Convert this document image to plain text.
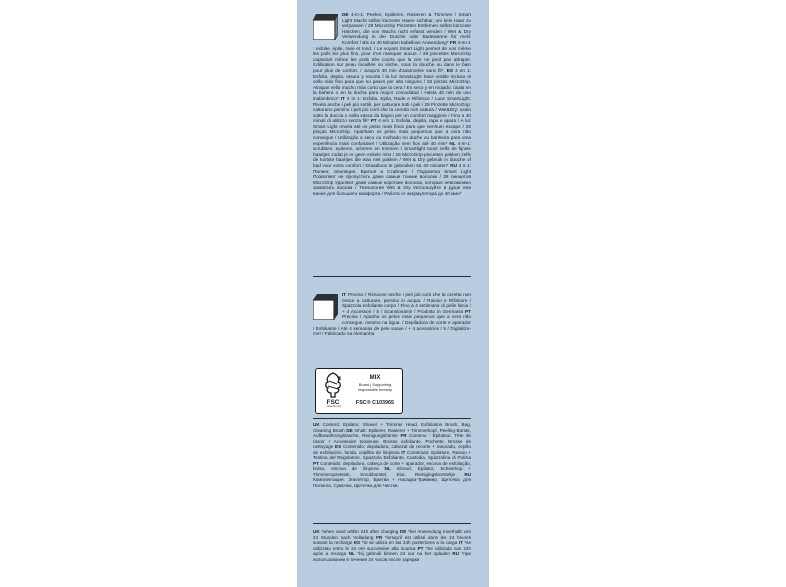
DE 4-in-1: Peelen, Epilieren, Rasieren & Trimmen / Smart Light Macht selbst kürzeste Haare sichtbar, um kein Haar zu verpassen / 28 MicroGrip Pinzetten Entfernen selbst kürzeste Härchen, die von Wachs nicht erfasst werden / Wet & Dry Verwendung in der Dusche oder Badewanne für mehr Komfort / Bis zu 40 Minuten kabellose Anwendung* FR 4-en-1 : exfolie, épile, rase et tond. / Le voyant Smart Light permet de voir même les poils les plus fins, pour n'en manquer aucun. / 28 pincettes MicroGrip capturant même les poils très courts que la cire ne peut pas attraper. /Utilisation sur peau mouillée ou sèche, sous la douche ou dans le bain pour plus de confort. / Jusqu'à 40 min d'autonomie sans fil*. ES 4 en 1: Exfolia, depila, rasura y recorta / la luz SmartLight hace visible incluso el vello más fino para que no pases por alto ninguno / 28 pinzas MicroGrip. Atrapan vello mucho más corto que la cera / En seco y en mojado, úsala en la bañera o en la ducha para mayor comodidad / Hasta 40 min de uso inalámbrico* IT 4 in 1: Esfolia, Epila, Rade e Rifinisce / Luce SmartLight: Rivela anche i peli più sottili, per catturare tutti i peli / 28 Pinzette MicroGrip: catturano persino i peli più corti che la ceretta non cattura / Wet&Dry: usalo sotto la doccia o nella vasca da bagno per un comfort maggiore / Fino a 40 minuti di utilizzo senza fili* PT 4 em 1: Esfolia, depila, rapa e apara / A luz Smart Light revela até os pelos mais finos para que nenhum escape / 28 pinças MicroGrip. Apanham os pelos mais pequenos que a cera não consegue / Utilização a seco ou molhado no duche ou banheira para uma experiência mais confortável / Utilização sem fios até 40 min* NL 4-in-1: scrubben, epileren, scheren en trimmen / Smartlight toont zelfs de fijnste haartjes zodat je er geen enkele mist / 28 MicroGrip-pincetten pakken zelfs de kortste haartjes die wax niet pakken / Wet & Dry gebruik in douche of bad voor extra comfort / Draadloos te gebruiken tot 40 minuten* RU 4 в 1: Пилинг, Эпиляция, Бритьё и Стайлинг / Подсветка Smart Light Позволяет не пропустить даже самые тонкие волоски / 28 пинцетов MicroGrip Удаляют даже самые короткие волоски, которые невозможно захватить воском / Технология Wet & Dry Используйте в душе или ванне для большего комфорта / Работа от аккумулятора до 40 мин*
IT Preciso / Rimuove anche i peli più corti che la ceretta non riesce a catturare, persino in acqua. / Rasoio e Rifinitore / Spazzola esfoliante corpo / Fino a 4 settimane di pelle liscia / + 4 Accessori / 5 / Scansionami! / Prodotto in Germania PT Precisa / Apanha os pelos mais pequenos que a cera não consegue, mesmo na água. / Depiladora de corte e aparador / Esfoliante / Até 4 semanas de pele suave / + 4 acessórios / 5 / Digitalize-me! / Fabricado na Alemanha
FSC
www.fsc.org
MIX
Board | Supporting responsible forestry
FSC® C103965
UK Content: Epilator, Shaver + Trimmer Head, Exfoliation Brush, Bag, Cleaning Brush DE Inhalt: Epilierer, Rasierer + Trimmerkopf, Peeling-Bürste, Aufbewahrungstasche, Reinigungsbürste FR Contenu : Épilateur, Tête de rasoir + Accessoire tondeuse, Brosse exfoliante, Pochette, Brosse de nettoyage ES Contenido: depiladora, cabezal de recorte + rasurado, cepillo de exfoliación, funda, cepillito de limpieza IT Contenuto: Epilatore, Rasoio + Testina del Regolatore, Spazzola Esfoliante, Custodia, Spazzolina di Pulizia PT Conteúdo: depiladora, cabeça de corte + aparador, escova de esfoliação, bolsa, escova de limpeza NL Inhoud: Epilator, Scheerkop + Trimmeropzetstuk, Scrubborstel, Etui, Reinigingsborsteltje RU Комплектация: Эпилятор, Бритва + Насадка-Триммер, Щеточка для Пилинга, Сумочка, Щеточка для Чистки.
UK *when used within 24h after charging DE *bei Anwendung innerhalb von 24 Stunden nach Volladung FR *lorsqu'il est utilisé dans les 24 heures suivant la recharge ES *Si se utiliza en las 24h posteriores a la carga IT *se utilizzato entro le 24 ore successive alla ricarica PT *Se utilizada nas 24h após a recarga NL *bij gebruik binnen 24 uur na het opladen RU *при использовании в течение 24 часов после зарядки
